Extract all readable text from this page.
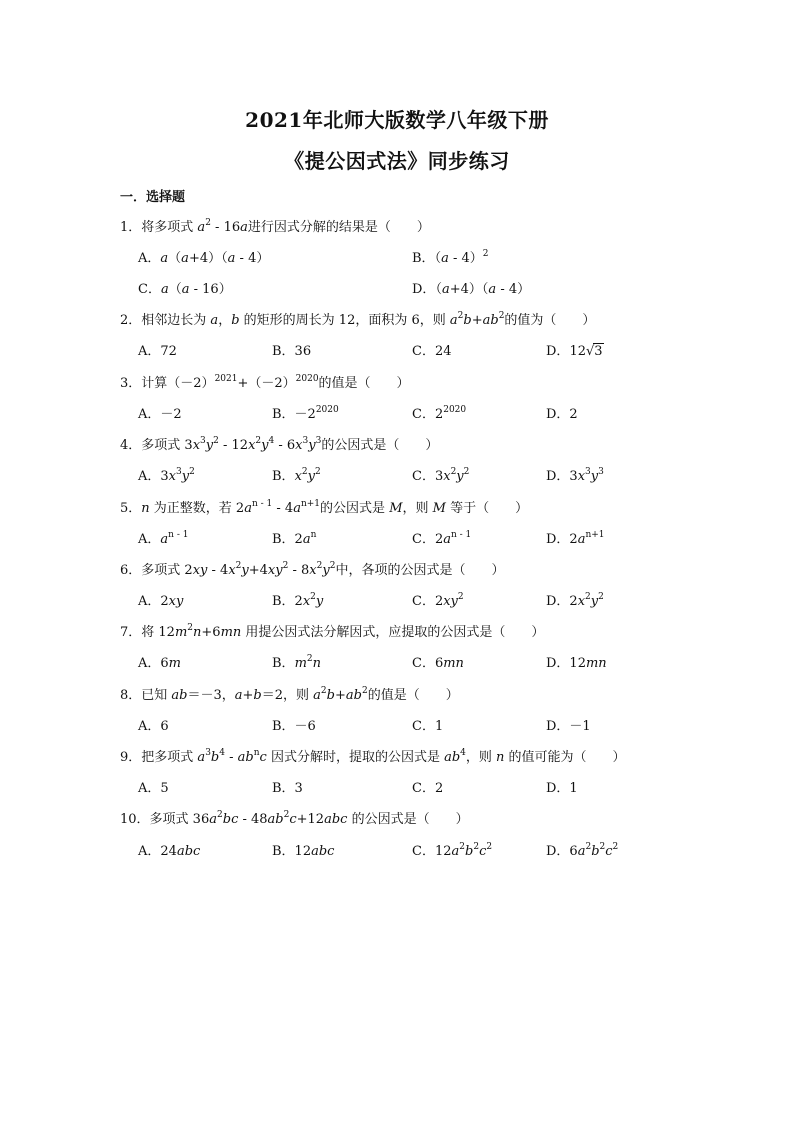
2021年北师大版数学八年级下册
《提公因式法》同步练习
一．选择题
1．将多项式 $a^2 - 16a$进行因式分解的结果是（　　）
A．a（a+4）（a - 4）	B．（a - 4）$^2$
C．a（a - 16）	D．（a+4）（a - 4）
2．相邻边长为 a，b 的矩形的周长为 12，面积为 6，则 $a^2b+ab^2$的值为（　　）
A．72	B．36	C．24	D．12√3
3．计算$(-2)^{2021}+(-2)^{2020}$的值是（　　）
A．－2	B．$-2^{2020}$	C．$2^{2020}$	D．2
4．多项式 $3x^3y^2 - 12x^2y^4 - 6x^3y^3$的公因式是（　　）
A．$3x^3y^2$	B．$x^2y^2$	C．$3x^2y^2$	D．$3x^3y^3$
5．n 为正整数，若 $2a^{n - 1} - 4a^{n+1}$的公因式是 M，则 M 等于（　　）
A．$a^{n - 1}$	B．$2a^n$	C．$2a^{n - 1}$	D．$2a^{n+1}$
6．多项式 $2xy - 4x^2y+4xy^2 - 8x^2y^2$中，各项的公因式是（　　）
A．2xy	B．$2x^2y$	C．$2xy^2$	D．$2x^2y^2$
7．将 $12m^2n+6mn$ 用提公因式法分解因式，应提取的公因式是（　　）
A．6m	B．$m^2n$	C．6mn	D．12mn
8．已知 ab＝－3，a+b＝2，则 $a^2b+ab^2$的值是（　　）
A．6	B．－6	C．1	D．－1
9．把多项式 $a^3b^4 - ab^nc$ 因式分解时，提取的公因式是 $ab^4$，则 n 的值可能为（　　）
A．5	B．3	C．2	D．1
10．多项式 $36a^2bc - 48ab^2c+12abc$ 的公因式是（　　）
A．24abc	B．12abc	C．$12a^2b^2c^2$	D．$6a^2b^2c^2$
